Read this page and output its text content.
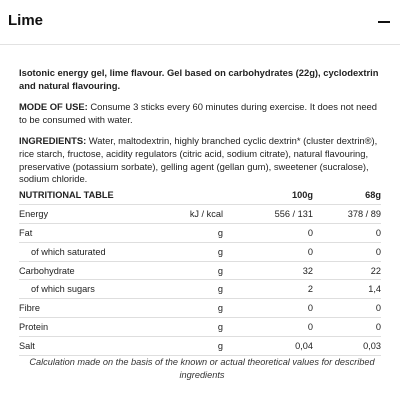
Lime
Isotonic energy gel, lime flavour. Gel based on carbohydrates (22g), cyclodextrin and natural flavouring.
MODE OF USE: Consume 3 sticks every 60 minutes during exercise. It does not need to be consumed with water.
INGREDIENTS: Water, maltodextrin, highly branched cyclic dextrin* (cluster dextrin®), rice starch, fructose, acidity regulators (citric acid, sodium citrate), natural flavouring, preservative (potassium sorbate), gelling agent (gellan gum), sweetener (sucralose), sodium chloride.
NUTRITIONAL TABLE		100g	68g
Energy	kJ / kcal	556 / 131	378 / 89
Fat	g	0	0
of which saturated	g	0	0
Carbohydrate	g	32	22
of which sugars	g	2	1,4
Fibre	g	0	0
Protein	g	0	0
Salt	g	0,04	0,03
Calculation made on the basis of the known or actual theoretical values for described ingredients
